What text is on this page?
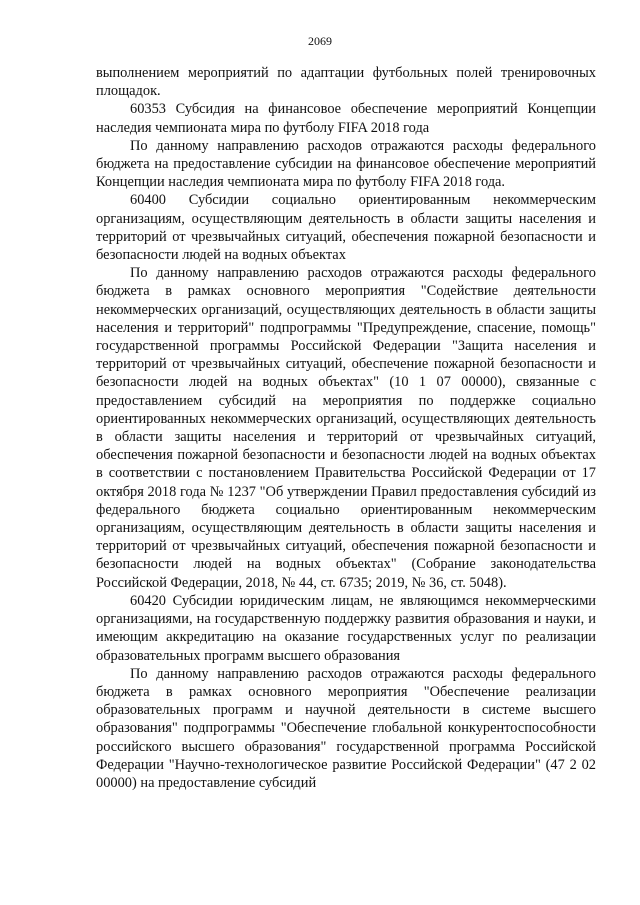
2069

выполнением мероприятий по адаптации футбольных полей тренировочных площадок.

60353 Субсидия на финансовое обеспечение мероприятий Концепции наследия чемпионата мира по футболу FIFA 2018 года

По данному направлению расходов отражаются расходы федерального бюджета на предоставление субсидии на финансовое обеспечение мероприятий Концепции наследия чемпионата мира по футболу FIFA 2018 года.

60400 Субсидии социально ориентированным некоммерческим организациям, осуществляющим деятельность в области защиты населения и территорий от чрезвычайных ситуаций, обеспечения пожарной безопасности и безопасности людей на водных объектах

По данному направлению расходов отражаются расходы федерального бюджета в рамках основного мероприятия "Содействие деятельности некоммерческих организаций, осуществляющих деятельность в области защиты населения и территорий" подпрограммы "Предупреждение, спасение, помощь" государственной программы Российской Федерации "Защита населения и территорий от чрезвычайных ситуаций, обеспечение пожарной безопасности и безопасности людей на водных объектах" (10 1 07 00000), связанные с предоставлением субсидий на мероприятия по поддержке социально ориентированных некоммерческих организаций, осуществляющих деятельность в области защиты населения и территорий от чрезвычайных ситуаций, обеспечения пожарной безопасности и безопасности людей на водных объектах в соответствии с постановлением Правительства Российской Федерации от 17 октября 2018 года № 1237 "Об утверждении Правил предоставления субсидий из федерального бюджета социально ориентированным некоммерческим организациям, осуществляющим деятельность в области защиты населения и территорий от чрезвычайных ситуаций, обеспечения пожарной безопасности и безопасности людей на водных объектах" (Собрание законодательства Российской Федерации, 2018, № 44, ст. 6735; 2019, № 36, ст. 5048).

60420 Субсидии юридическим лицам, не являющимся некоммерческими организациями, на государственную поддержку развития образования и науки, и имеющим аккредитацию на оказание государственных услуг по реализации образовательных программ высшего образования

По данному направлению расходов отражаются расходы федерального бюджета в рамках основного мероприятия "Обеспечение реализации образовательных программ и научной деятельности в системе высшего образования" подпрограммы "Обеспечение глобальной конкурентоспособности российского высшего образования" государственной программа Российской Федерации "Научно-технологическое развитие Российской Федерации" (47 2 02 00000) на предоставление субсидий
